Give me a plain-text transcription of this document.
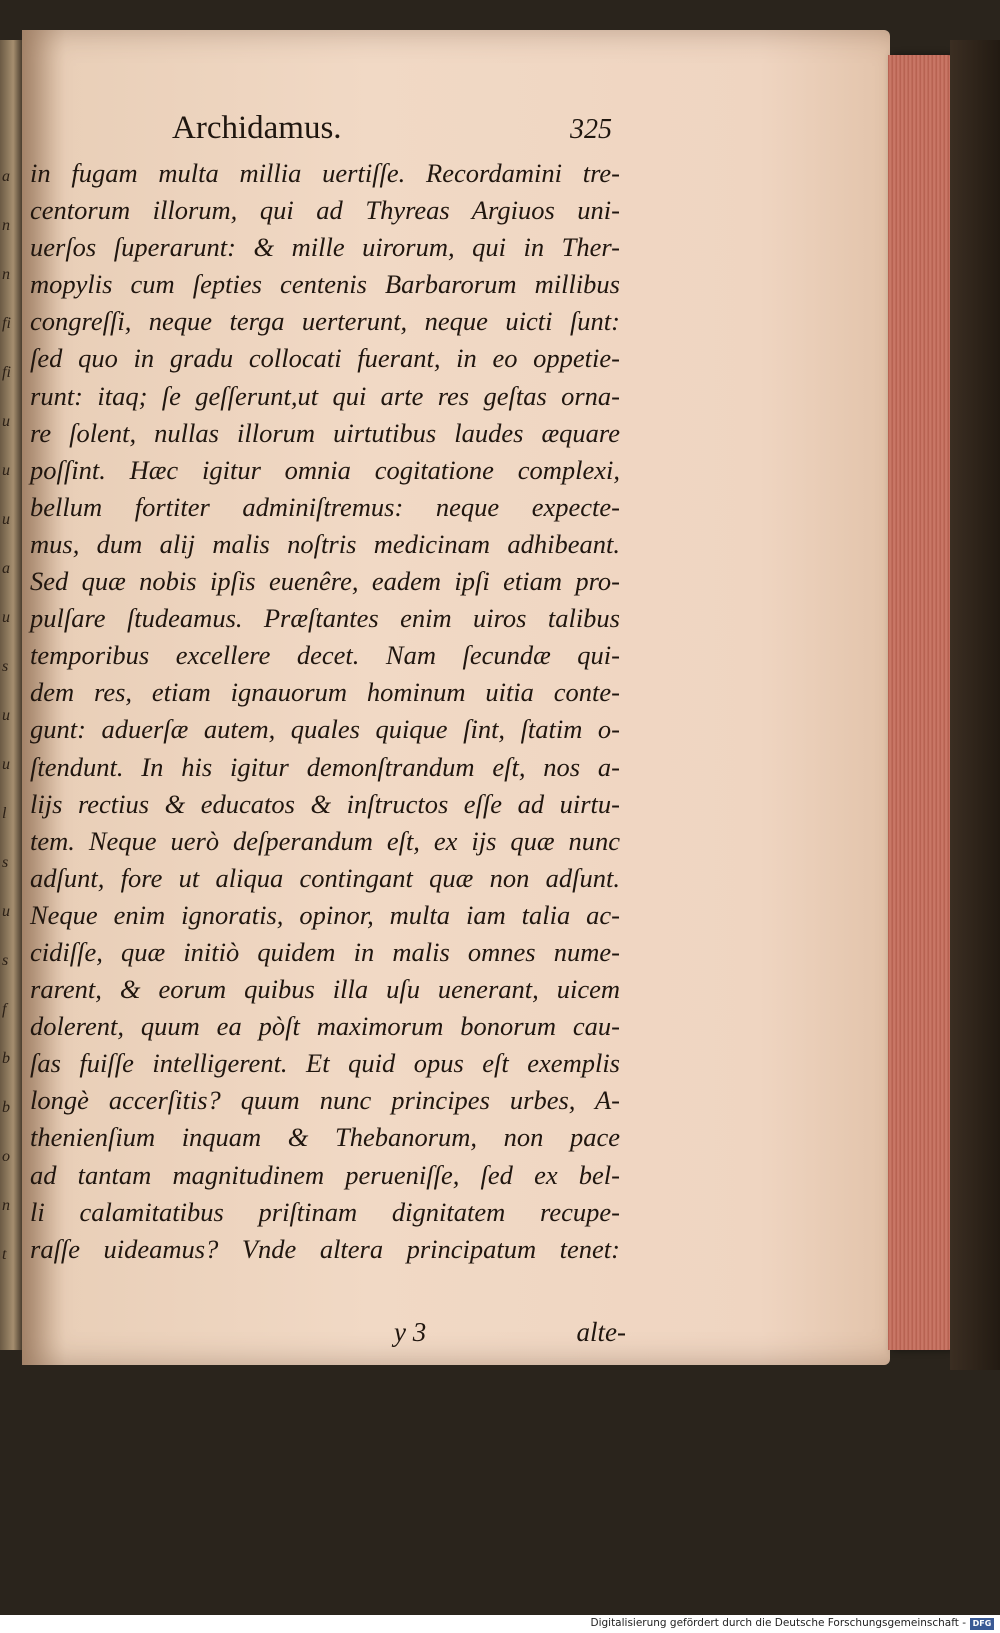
a
n
n
fi
fi
u
u
u
a
u
s
u
u
l
s
u
s
f
b
b
o
n
t
Archidamus.	325
in fugam multa millia uertiſſe. Recordamini tre-
centorum illorum, qui ad Thyreas Argiuos uni-
uerſos ſuperarunt: & mille uirorum, qui in Ther-
mopylis cum ſepties centenis Barbarorum millibus
congreſſi, neque terga uerterunt, neque uicti ſunt:
ſed quo in gradu collocati fuerant, in eo oppetie-
runt: itaq; ſe geſſerunt,ut qui arte res geſtas orna-
re ſolent, nullas illorum uirtutibus laudes æquare
poſſint. Hæc igitur omnia cogitatione complexi,
bellum fortiter adminiſtremus: neque expecte-
mus, dum alij malis noſtris medicinam adhibeant.
Sed quæ nobis ipſis euenêre, eadem ipſi etiam pro-
pulſare ſtudeamus. Præſtantes enim uiros talibus
temporibus excellere decet. Nam ſecundæ qui-
dem res, etiam ignauorum hominum uitia conte-
gunt: aduerſæ autem, quales quique ſint, ſtatim o-
ſtendunt. In his igitur demonſtrandum eſt, nos a-
lijs rectius & educatos & inſtructos eſſe ad uirtu-
tem. Neque uerò deſperandum eſt, ex ijs quæ nunc
adſunt, fore ut aliqua contingant quæ non adſunt.
Neque enim ignoratis, opinor, multa iam talia ac-
cidiſſe, quæ initiò quidem in malis omnes nume-
rarent, & eorum quibus illa uſu uenerant, uicem
dolerent, quum ea pòſt maximorum bonorum cau-
ſas fuiſſe intelligerent. Et quid opus eſt exemplis
longè accerſitis? quum nunc principes urbes, A-
thenienſium inquam & Thebanorum, non pace
ad tantam magnitudinem perueniſſe, ſed ex bel-
li calamitatibus priſtinam dignitatem recupe-
raſſe uideamus? Vnde altera principatum tenet:
y 3	alte-
Digitalisierung gefördert durch die Deutsche Forschungsgemeinschaft - DFG
